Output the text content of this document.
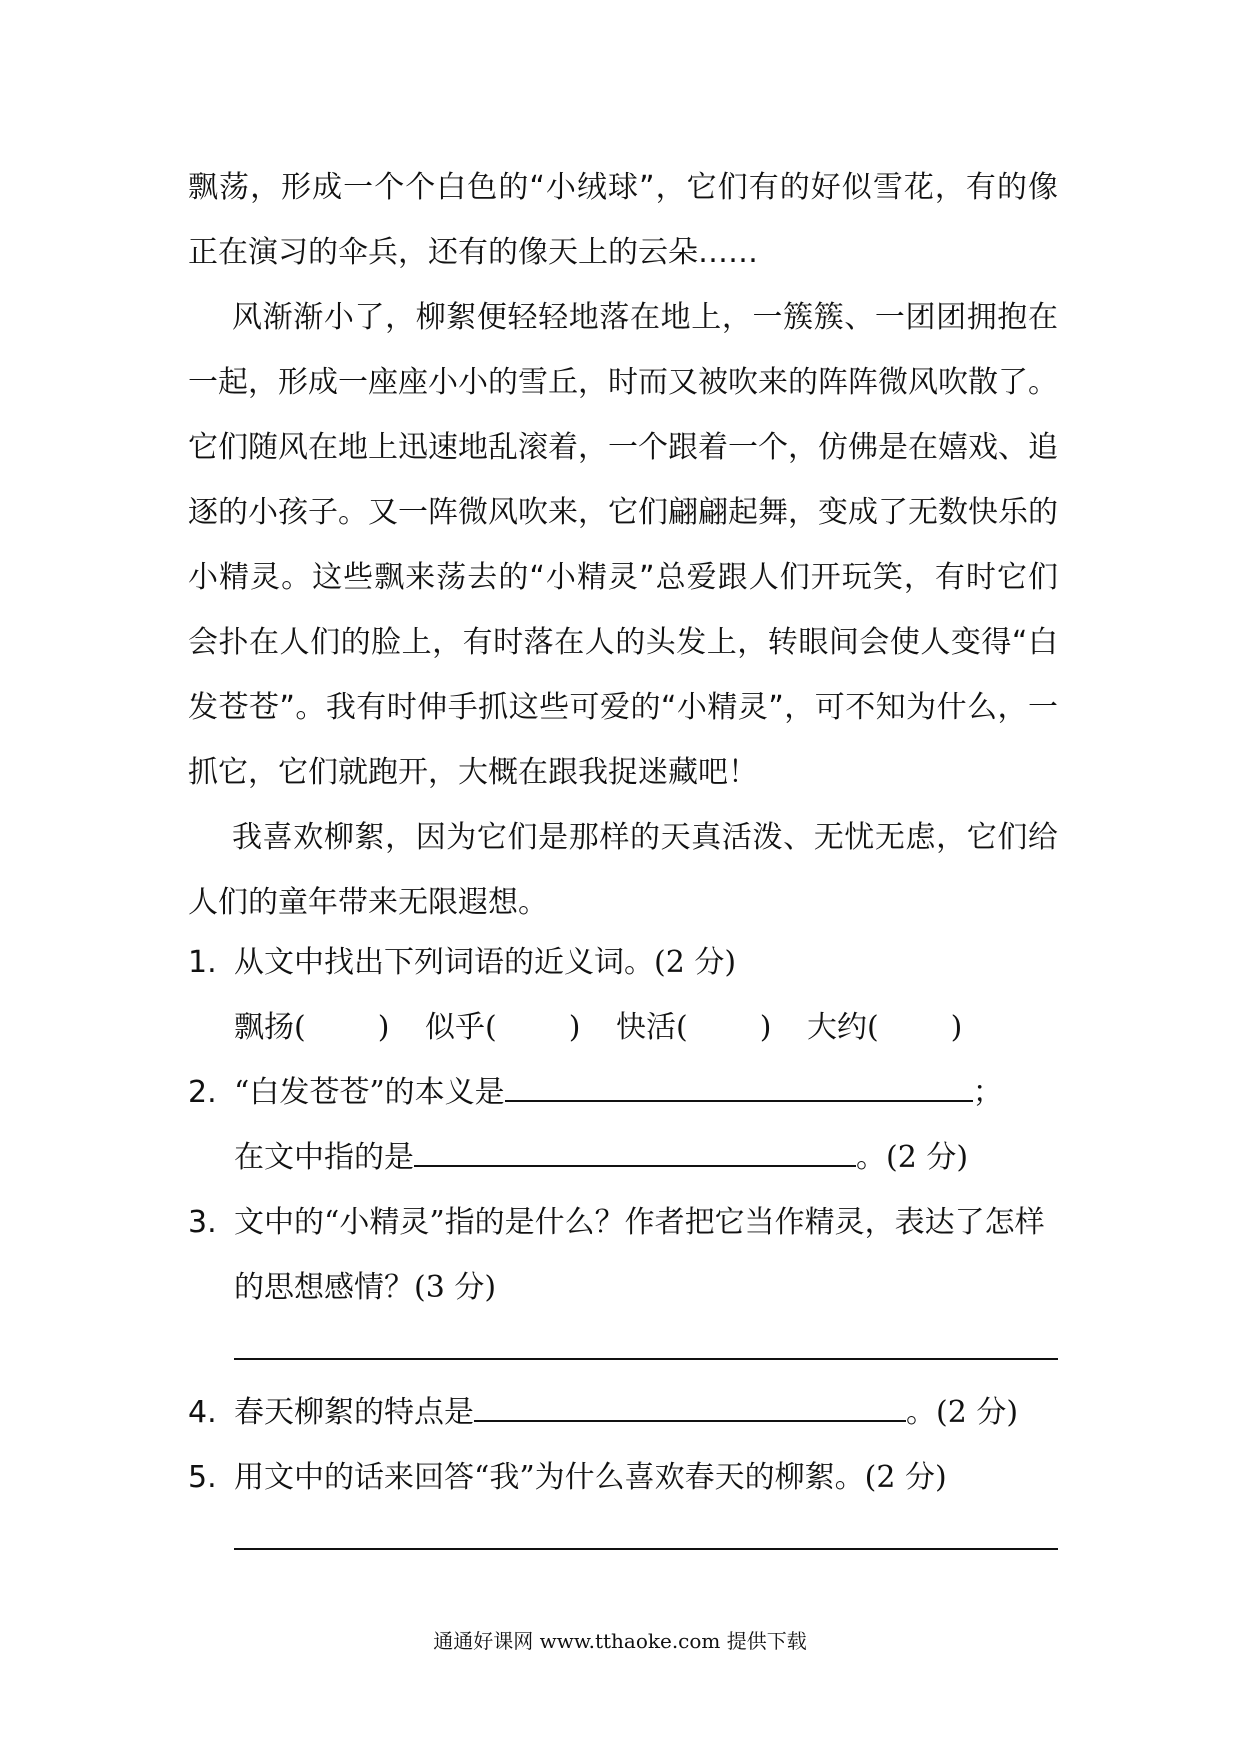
飘荡，形成一个个白色的“小绒球”，它们有的好似雪花，有的像正在演习的伞兵，还有的像天上的云朵……

风渐渐小了，柳絮便轻轻地落在地上，一簇簇、一团团拥抱在一起，形成一座座小小的雪丘，时而又被吹来的阵阵微风吹散了。它们随风在地上迅速地乱滚着，一个跟着一个，仿佛是在嬉戏、追逐的小孩子。又一阵微风吹来，它们翩翩起舞，变成了无数快乐的小精灵。这些飘来荡去的“小精灵”总爱跟人们开玩笑，有时它们会扑在人们的脸上，有时落在人的头发上，转眼间会使人变得“白发苍苍”。我有时伸手抓这些可爱的“小精灵”，可不知为什么，一抓它，它们就跑开，大概在跟我捉迷藏吧！

我喜欢柳絮，因为它们是那样的天真活泼、无忧无虑，它们给人们的童年带来无限遐想。

1. 从文中找出下列词语的近义词。(2 分)
飘扬( ) 似乎( ) 快活( ) 大约( )
2. “白发苍苍”的本义是	；
在文中指的是	。(2 分)
3. 文中的“小精灵”指的是什么？作者把它当作精灵，表达了怎样
的思想感情？(3 分)
4. 春天柳絮的特点是	。(2 分)
5. 用文中的话来回答“我”为什么喜欢春天的柳絮。(2 分)
通通好课网 www.tthaoke.com 提供下载
